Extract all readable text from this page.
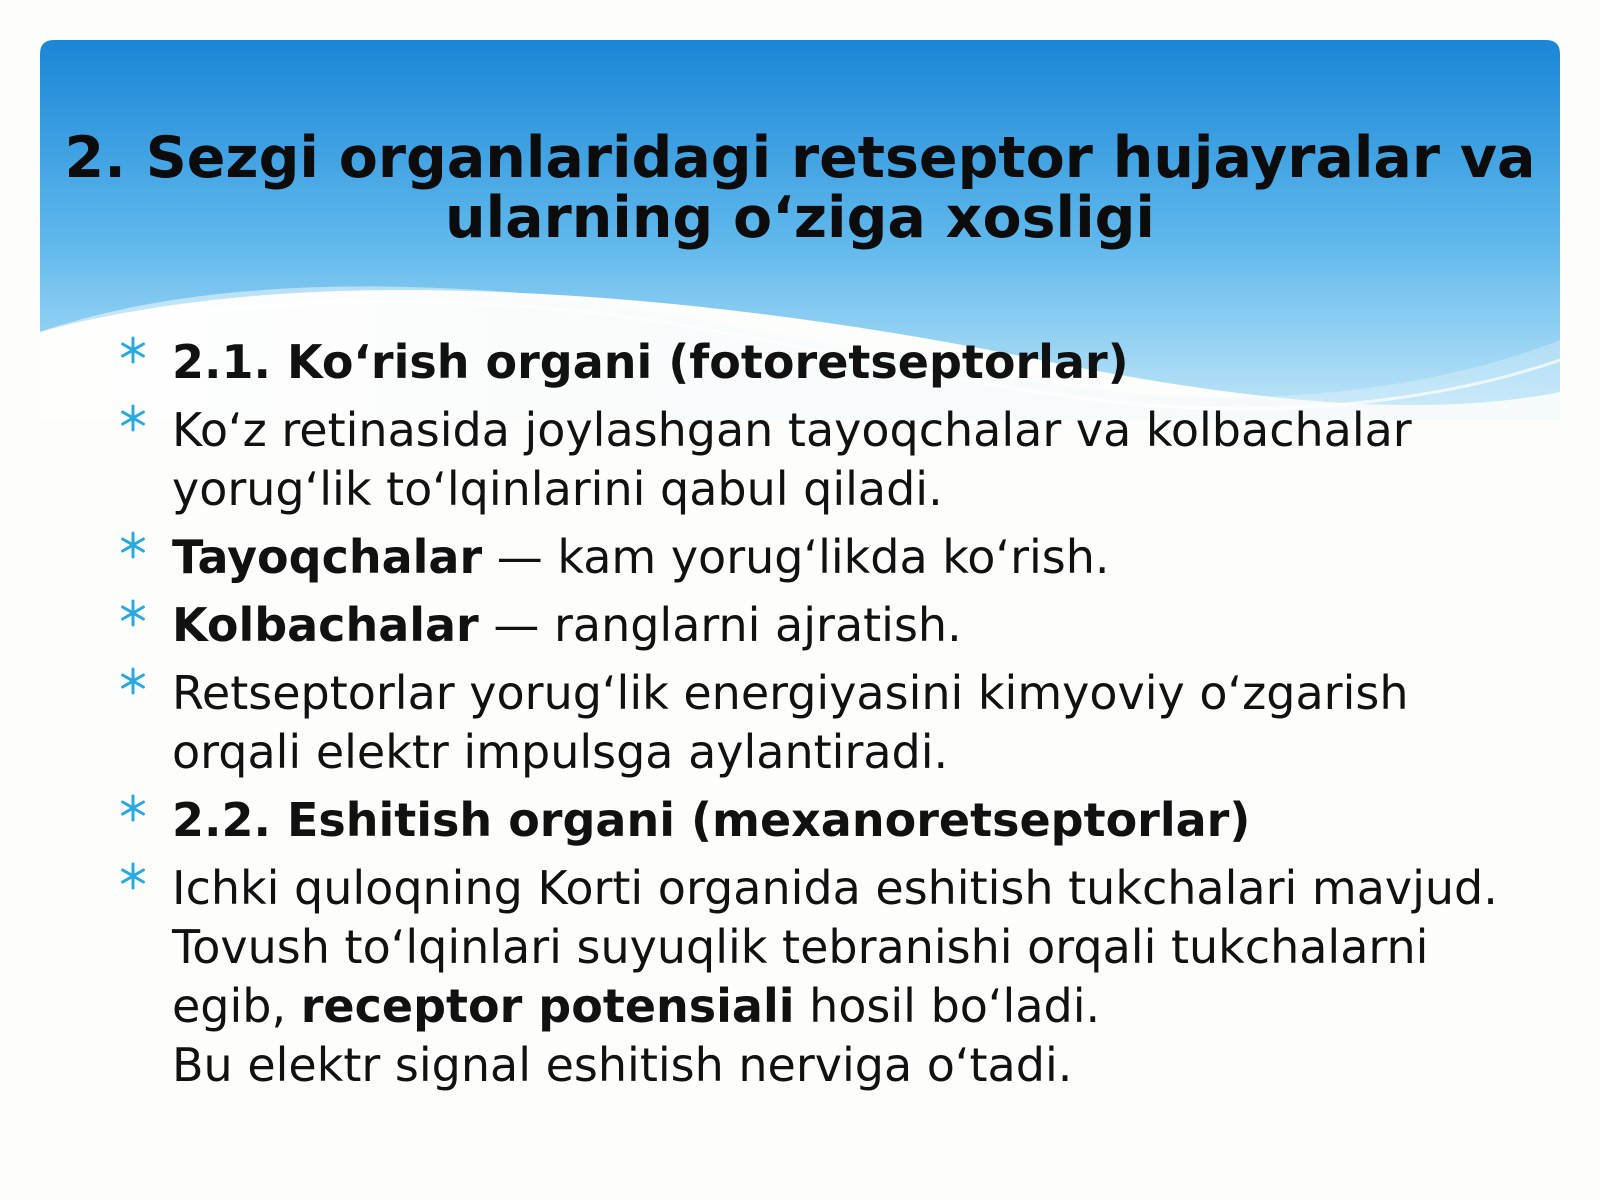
2. Sezgi organlaridagi retseptor hujayralar va
ularning o‘ziga xosligi
2.1. Ko‘rish organi (fotoretseptorlar)
Ko‘z retinasida joylashgan tayoqchalar va kolbachalar
yorug‘lik to‘lqinlarini qabul qiladi.
Tayoqchalar — kam yorug‘likda ko‘rish.
Kolbachalar — ranglarni ajratish.
Retseptorlar yorug‘lik energiyasini kimyoviy o‘zgarish
orqali elektr impulsga aylantiradi.
2.2. Eshitish organi (mexanoretseptorlar)
Ichki quloqning Korti organida eshitish tukchalari mavjud.
Tovush to‘lqinlari suyuqlik tebranishi orqali tukchalarni
egib, receptor potensiali hosil bo‘ladi.
Bu elektr signal eshitish nerviga o‘tadi.
